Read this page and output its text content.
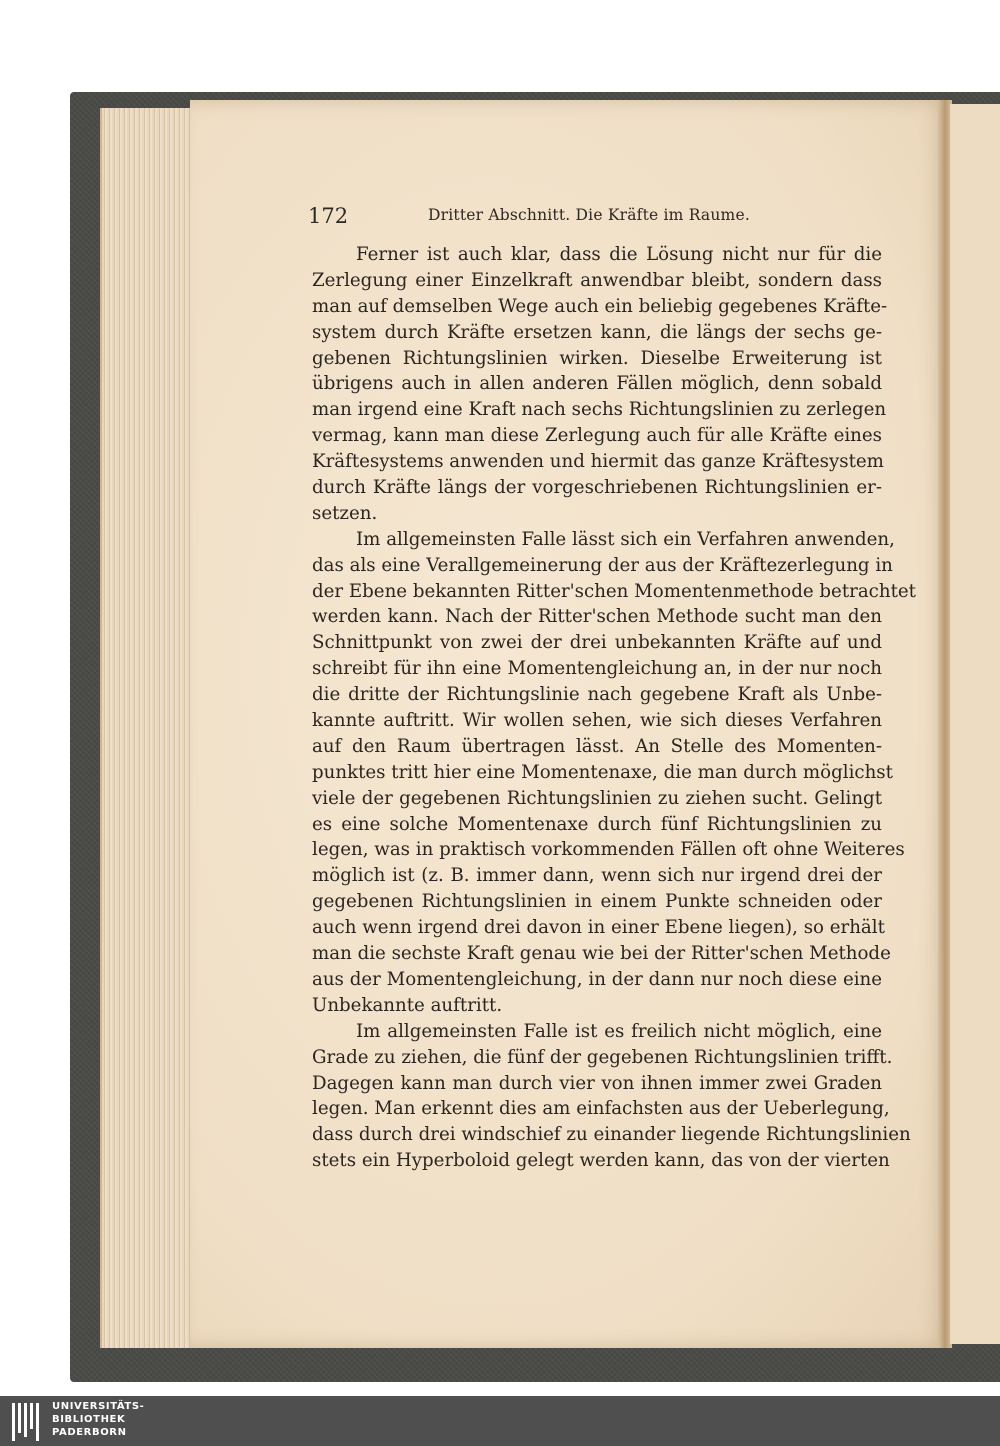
172	Dritter Abschnitt. Die Kräfte im Raume.
Ferner ist auch klar, dass die Lösung nicht nur für die
Zerlegung einer Einzelkraft anwendbar bleibt, sondern dass
man auf demselben Wege auch ein beliebig gegebenes Kräfte-
system durch Kräfte ersetzen kann, die längs der sechs ge-
gebenen Richtungslinien wirken. Dieselbe Erweiterung ist
übrigens auch in allen anderen Fällen möglich, denn sobald
man irgend eine Kraft nach sechs Richtungslinien zu zerlegen
vermag, kann man diese Zerlegung auch für alle Kräfte eines
Kräftesystems anwenden und hiermit das ganze Kräftesystem
durch Kräfte längs der vorgeschriebenen Richtungslinien er-
setzen.
Im allgemeinsten Falle lässt sich ein Verfahren anwenden,
das als eine Verallgemeinerung der aus der Kräftezerlegung in
der Ebene bekannten Ritter'schen Momentenmethode betrachtet
werden kann. Nach der Ritter'schen Methode sucht man den
Schnittpunkt von zwei der drei unbekannten Kräfte auf und
schreibt für ihn eine Momentengleichung an, in der nur noch
die dritte der Richtungslinie nach gegebene Kraft als Unbe-
kannte auftritt. Wir wollen sehen, wie sich dieses Verfahren
auf den Raum übertragen lässt. An Stelle des Momenten-
punktes tritt hier eine Momentenaxe, die man durch möglichst
viele der gegebenen Richtungslinien zu ziehen sucht. Gelingt
es eine solche Momentenaxe durch fünf Richtungslinien zu
legen, was in praktisch vorkommenden Fällen oft ohne Weiteres
möglich ist (z. B. immer dann, wenn sich nur irgend drei der
gegebenen Richtungslinien in einem Punkte schneiden oder
auch wenn irgend drei davon in einer Ebene liegen), so erhält
man die sechste Kraft genau wie bei der Ritter'schen Methode
aus der Momentengleichung, in der dann nur noch diese eine
Unbekannte auftritt.
Im allgemeinsten Falle ist es freilich nicht möglich, eine
Grade zu ziehen, die fünf der gegebenen Richtungslinien trifft.
Dagegen kann man durch vier von ihnen immer zwei Graden
legen. Man erkennt dies am einfachsten aus der Ueberlegung,
dass durch drei windschief zu einander liegende Richtungslinien
stets ein Hyperboloid gelegt werden kann, das von der vierten
UNIVERSITÄTS-
BIBLIOTHEK
PADERBORN
